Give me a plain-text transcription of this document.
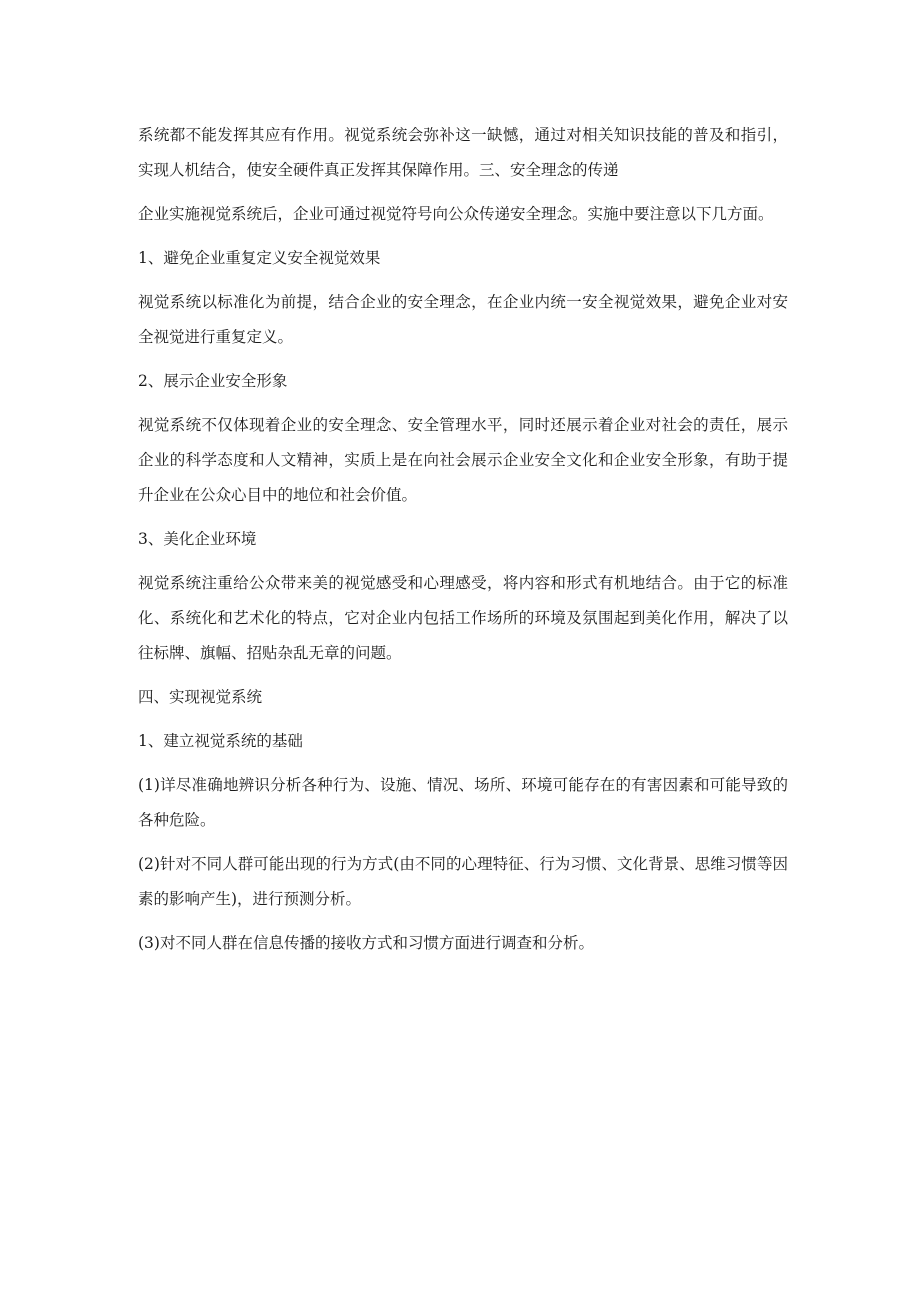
系统都不能发挥其应有作用。视觉系统会弥补这一缺憾，通过对相关知识技能的普及和指引，实现人机结合，使安全硬件真正发挥其保障作用。三、安全理念的传递

企业实施视觉系统后，企业可通过视觉符号向公众传递安全理念。实施中要注意以下几方面。

1、避免企业重复定义安全视觉效果

视觉系统以标准化为前提，结合企业的安全理念，在企业内统一安全视觉效果，避免企业对安全视觉进行重复定义。

2、展示企业安全形象

视觉系统不仅体现着企业的安全理念、安全管理水平，同时还展示着企业对社会的责任，展示企业的科学态度和人文精神，实质上是在向社会展示企业安全文化和企业安全形象，有助于提升企业在公众心目中的地位和社会价值。

3、美化企业环境

视觉系统注重给公众带来美的视觉感受和心理感受，将内容和形式有机地结合。由于它的标准化、系统化和艺术化的特点，它对企业内包括工作场所的环境及氛围起到美化作用，解决了以往标牌、旗幅、招贴杂乱无章的问题。

四、实现视觉系统

1、建立视觉系统的基础

(1)详尽准确地辨识分析各种行为、设施、情况、场所、环境可能存在的有害因素和可能导致的各种危险。

(2)针对不同人群可能出现的行为方式(由不同的心理特征、行为习惯、文化背景、思维习惯等因素的影响产生)，进行预测分析。

(3)对不同人群在信息传播的接收方式和习惯方面进行调查和分析。
